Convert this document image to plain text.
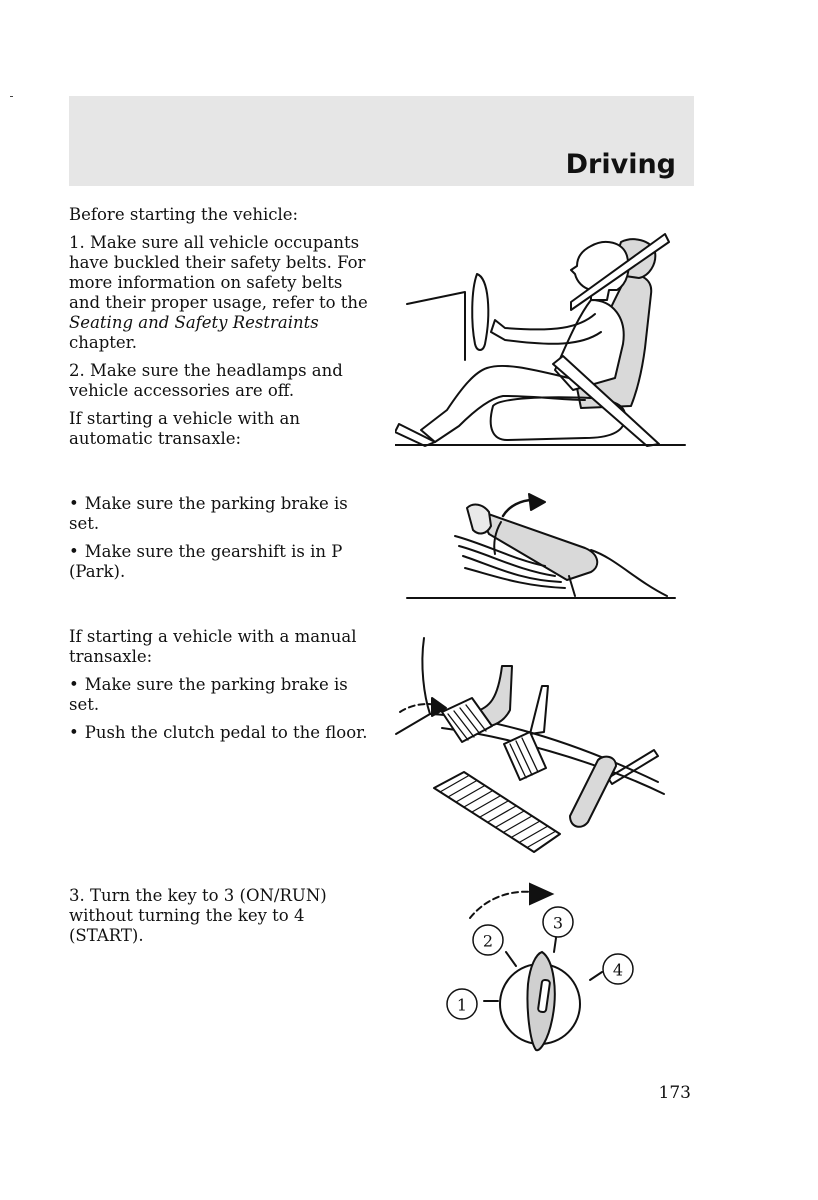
Driving

Before starting the vehicle:

1. Make sure all vehicle occupants have buckled their safety belts. For more information on safety belts and their proper usage, refer to the Seating and Safety Restraints chapter.

2. Make sure the headlamps and vehicle accessories are off.

If starting a vehicle with an automatic transaxle:

• Make sure the parking brake is set.

• Make sure the gearshift is in P (Park).

If starting a vehicle with a manual transaxle:

• Make sure the parking brake is set.

• Push the clutch pedal to the floor.

3. Turn the key to 3 (ON/RUN) without turning the key to 4 (START).

1
2
3
4
173
